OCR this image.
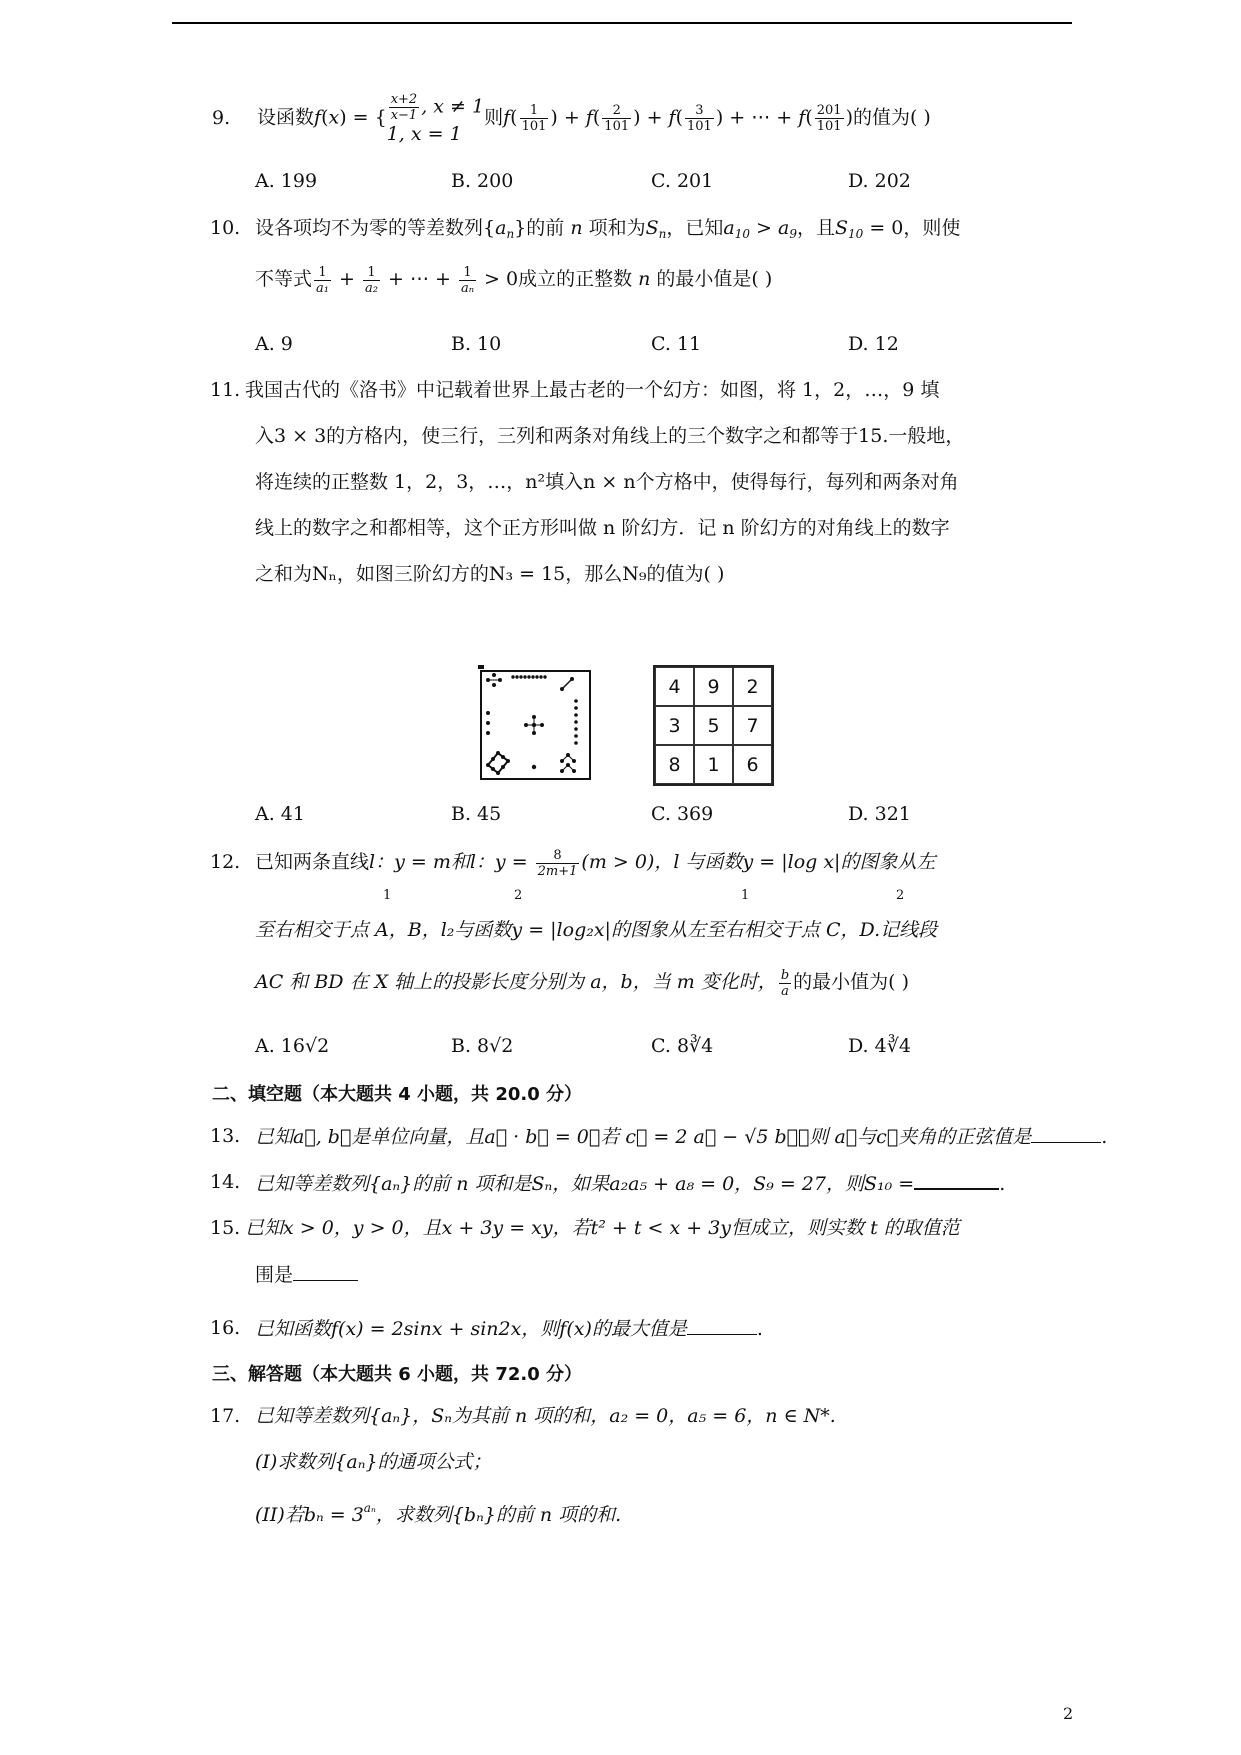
9. 设函数f(x) = { $\frac{x+2}{x-1}$ , x ≠ 1
1, x = 1
则$f( \frac{1}{101}$ ) + $f( \frac{2}{101}$ ) + $f( \frac{3}{101}$ ) + ⋯ + $f( \frac{201}{101}$ )的值为( )
A. 199	B. 200	C. 201	D. 202
10. 设各项均不为零的等差数列$\{a_n\}$的前 n 项和为$S_n$，已知$a_{10} > a_9$，且$S_{10} = 0$，则使
不等式 $\frac{1}{\text{a₁}} + \frac{1}{\text{a₂}}$ + ⋯ + $\frac{1}{\text{aₙ}} > 0$成立的正整数 n 的最小值是( )
A. 9	B. 10	C. 11	D. 12
11. 我国古代的《洛书》中记载着世界上最古老的一个幻方：如图，将 1，2，…，9 填
入3 × 3的方格内，使三行，三列和两条对角线上的三个数字之和都等于15.一般地，
将连续的正整数 1，2，3，…，n²填入n × n个方格中，使得每行，每列和两条对角
线上的数字之和都相等，这个正方形叫做 n 阶幻方．记 n 阶幻方的对角线上的数字
之和为Nₙ，如图三阶幻方的N₃ = 15，那么N₉的值为( )
4	9	2
3	5	7
8	1	6
A. 41	B. 45	C. 369	D. 321
12. 已知两条直线l：y = m和l：$y = \frac{8}{2m+1} (m > 0)$，l 与函数y = |log x|的图象从左
1	2	1	2
至右相交于点 A，B，l₂与函数y = |log₂x|的图象从左至右相交于点 C，D.记线段
AC 和 BD 在 X 轴上的投影长度分别为 a，b，当 m 变化时， $\frac{b}{a}$ 的最小值为( )
A. 16√2	B. 8√2	C. 8∛4	D. 4∛4
二、填空题（本大题共 4 小题，共 20.0 分）
13. 已知a⃗, b⃗是单位向量，且a⃗ · b⃗ = 0，若 c⃗ = 2 a⃗ − √5 b⃗，则 a⃗与c⃗夹角的正弦值是	.
14. 已知等差数列{aₙ}的前 n 项和是Sₙ，如果a₂a₅ + a₈ = 0，S₉ = 27，则S₁₀ =	.
15. 已知x > 0，y > 0，且x + 3y = xy，若t² + t < x + 3y恒成立，则实数 t 的取值范
围是
16. 已知函数f(x) = 2sinx + sin2x，则f(x)的最大值是	.
三、解答题（本大题共 6 小题，共 72.0 分）
17. 已知等差数列{aₙ}，Sₙ为其前 n 项的和，a₂ = 0，a₅ = 6，n ∈ N*.
(I)求数列{aₙ}的通项公式；
(II)若$b_n = 3^{a_n}$，求数列{bₙ}的前 n 项的和.
2
